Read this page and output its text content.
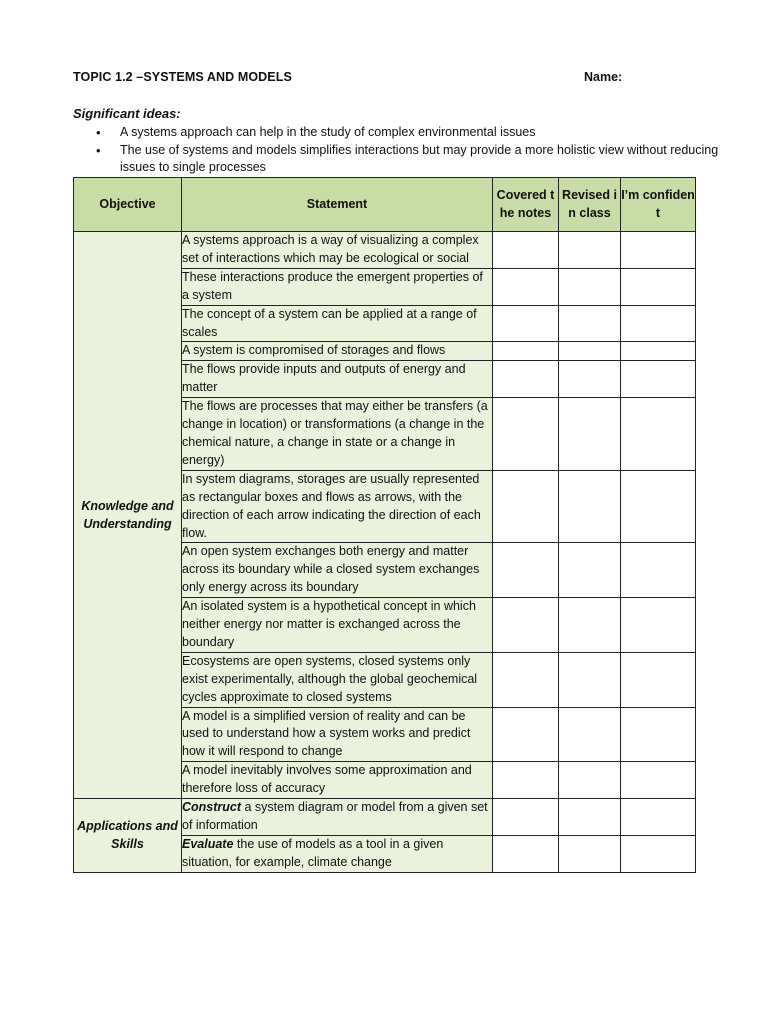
TOPIC 1.2 –SYSTEMS AND MODELS	Name:
Significant ideas:
• A systems approach can help in the study of complex environmental issues
• The use of systems and models simplifies interactions but may provide a more holistic view without reducing issues to single processes
Objective	Statement	Covered the notes	Revised in class	I’m confident
Knowledge and Understanding	A systems approach is a way of visualizing a complex set of interactions which may be ecological or social			
	These interactions produce the emergent properties of a system			
	The concept of a system can be applied at a range of scales			
	A system is compromised of storages and flows			
	The flows provide inputs and outputs of energy and matter			
	The flows are processes that may either be transfers (a change in location) or transformations (a change in the chemical nature, a change in state or a change in energy)			
	In system diagrams, storages are usually represented as rectangular boxes and flows as arrows, with the direction of each arrow indicating the direction of each flow.			
	An open system exchanges both energy and matter across its boundary while a closed system exchanges only energy across its boundary			
	An isolated system is a hypothetical concept in which neither energy nor matter is exchanged across the boundary			
	Ecosystems are open systems, closed systems only exist experimentally, although the global geochemical cycles approximate to closed systems			
	A model is a simplified version of reality and can be used to understand how a system works and predict how it will respond to change			
	A model inevitably involves some approximation and therefore loss of accuracy			
Applications and Skills	Construct a system diagram or model from a given set of information			
	Evaluate the use of models as a tool in a given situation, for example, climate change			
